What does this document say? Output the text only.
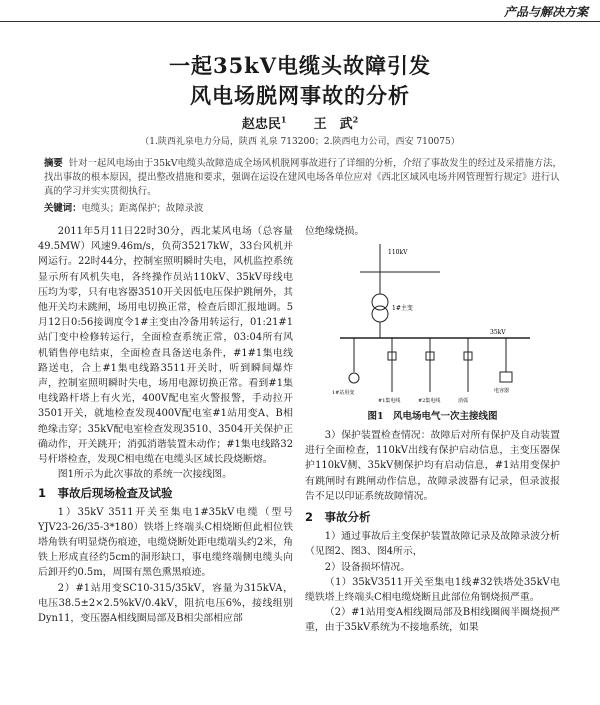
产品与解决方案
一起35kV电缆头故障引发
风电场脱网事故的分析
赵忠民$^1$ 王　武$^2$
（1.陕西礼泉电力分局，陕西 礼泉 713200；2.陕西电力公司，西安 710075）
摘要 针对一起风电场由于35kV电缆头故障造成全场风机脱网事故进行了详细的分析，介绍了事故发生的经过及采措施方法，找出事故的根本原因，提出整改措施和要求，强调在运设在建风电场各单位应对《西北区域风电场并网管理暂行规定》进行认真的学习并实实贯彻执行。
关键词：电缆头；距离保护；故障录波

2011年5月11日22时30分，西北某风电场（总容量49.5MW）风速9.46m/s，负荷35217kW，33台风机并网运行。22时44分，控制室照明瞬时失电，风机监控系统显示所有风机失电，各终操作员站110kV、35kV母线电压均为零，只有电容器3510开关因低电压保护跳闸外，其他开关均未跳闸，场用电切换正常，检查后即汇报地调。5月12日0:56接调度令1#主变由冷备用转运行，01:21#1站门变中检修转运行，全面检查系统正常，03:04所有风机销售停电结束，全面检查具备送电条件，#1#1集电线路送电，合上#1集电线路3511开关时，听到瞬间爆炸声，控制室照明瞬时失电，场用电源切换正常。看到#1集电线路杆塔上有火光，400V配电室火警报警，手动拉开3501开关，就地检查发现400V配电室#1站用变A、B相绝缘击穿；35kV配电室检查发现3510、3504开关保护正确动作，开关跳开；消弧消谐装置未动作；#1集电线路32号杆塔检查，发现C相电缆在电缆头区域长段烧断熔。

图1所示为此次事故的系统一次接线图。

1　事故后现场检查及试验

1）35kV 3511开关至集电1#35kV电缆（型号YJV23-26/35-3*180）铁塔上终端头C相烧断但此相位铁塔角铁有明显烧伤痕迹，电缆烧断处距电缆端头约2米，角铁上形成直径约5cm的洞形缺口，事电缆终端侧电缆头向后卸开约0.5m，周围有黑色熏黑痕迹。

2）#1站用变SC10-315/35kV，容量为315kVA，电压38.5±2×2.5%kV/0.4kV，阻抗电压6%，接线组别Dyn11，变压器A相线圈局部及B相尖部相应部

位绝缘烧损。
110kV
1#主变
35kV
1#站用变
#1集电线	#2集电线
电容器
消弧
图1　风电场电气一次主接线图

3）保护装置检查情况：故障后对所有保护及自动装置进行全面检查，110kV出线有保护启动信息，主变压器保护110kV侧、35kV侧保护均有启动信息，#1站用变保护有跳闸时有跳闸动作信息，故障录波器有记录，但录波报告不足以印证系统故障情况。

2　事故分析

1）通过事故后主变保护装置故障记录及故障录波分析（见图2、图3、图4所示，

2）设备损坏情况。

（1）35kV3511开关至集电1线#32铁塔处35kV电缆铁塔上终端头C相电缆烧断且此部位角钢烧损严重。

（2）#1站用变A相线圈局部及B相线圈阀半圈烧损严重，由于35kV系统为不接地系统，如果
